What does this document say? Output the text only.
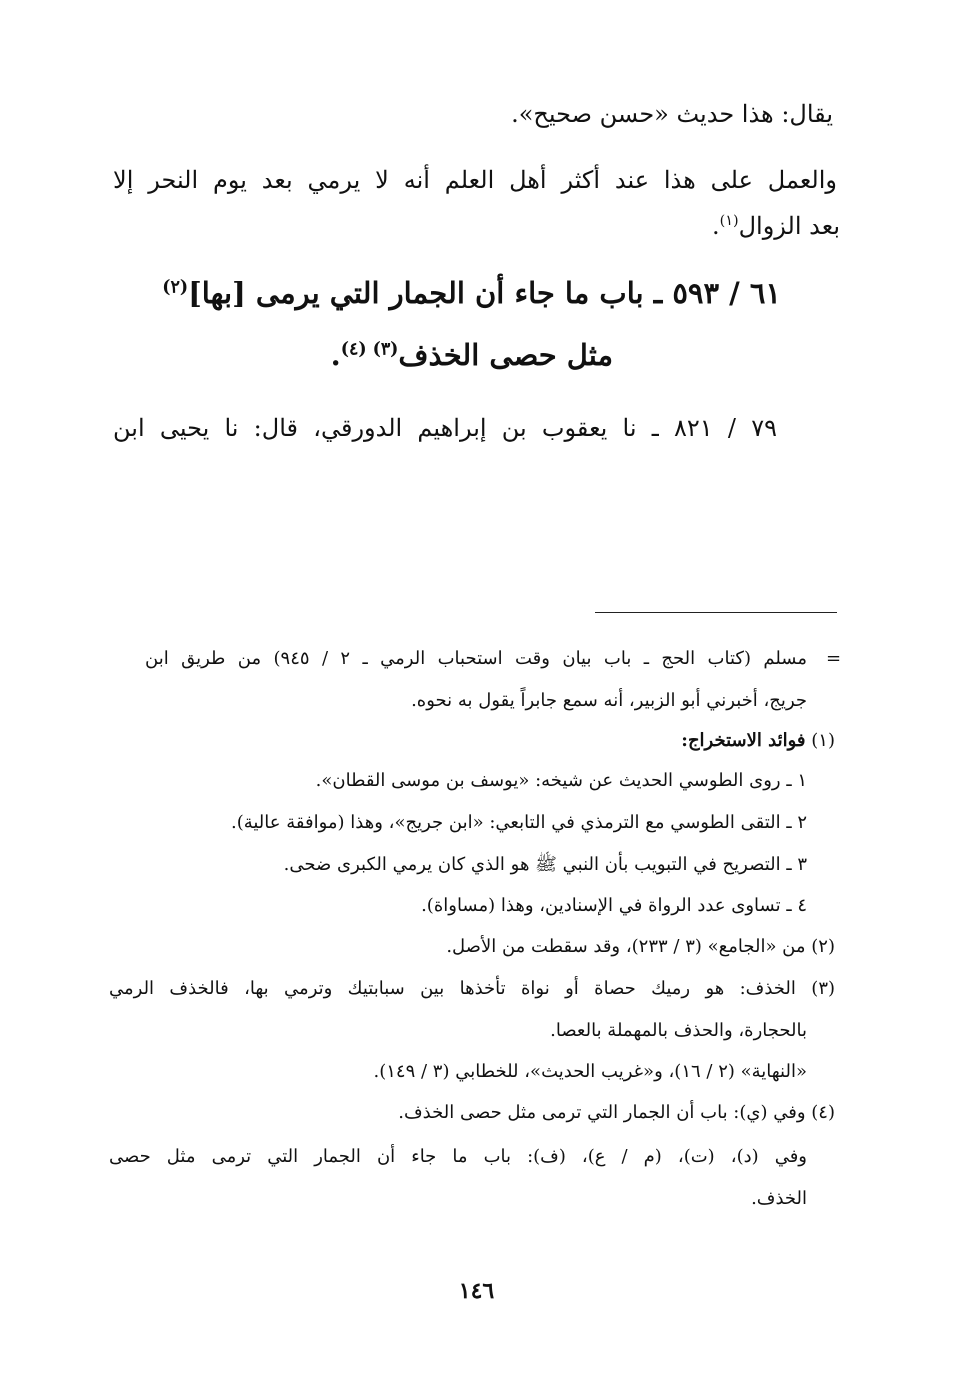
يقال: هذا حديث «حسن صحيح».
والعمل على هذا عند أكثر أهل العلم أنه لا يرمي بعد يوم النحر إلا
بعد الزوال$^{(١)}$.
٦١ / ٥٩٣ ـ باب ما جاء أن الجمار التي يرمى [بها]$^{(٢)}$
مثل حصى الخذف$^{(٣) (٤)}$.
٧٩ / ٨٢١ ـ نا يعقوب بن إبراهيم الدورقي، قال: نا يحيى ابن
=
مسلم (كتاب الحج ـ باب بيان وقت استحباب الرمي ـ ٢ / ٩٤٥) من طريق ابن
جريج، أخبرني أبو الزبير، أنه سمع جابراً يقول به نحوه.
(١) فوائد الاستخراج:
١ ـ روى الطوسي الحديث عن شيخه: «يوسف بن موسى القطان».
٢ ـ التقى الطوسي مع الترمذي في التابعي: «ابن جريج»، وهذا (موافقة عالية).
٣ ـ التصريح في التبويب بأن النبي ﷺ هو الذي كان يرمي الكبرى ضحى.
٤ ـ تساوى عدد الرواة في الإسنادين، وهذا (مساواة).
(٢) من «الجامع» (٣ / ٢٣٣)، وقد سقطت من الأصل.
(٣) الخذف: هو رميك حصاة أو نواة تأخذها بين سبابتيك وترمي بها، فالخذف الرمي
بالحجارة، والحذف بالمهملة بالعصا.
«النهاية» (٢ / ١٦)، و«غريب الحديث»، للخطابي (٣ / ١٤٩).
(٤) وفي (ي): باب أن الجمار التي ترمى مثل حصى الخذف.
وفي (د)، (ت)، (م / ع)، (ف): باب ما جاء أن الجمار التي ترمى مثل حصى
الخذف.
١٤٦
